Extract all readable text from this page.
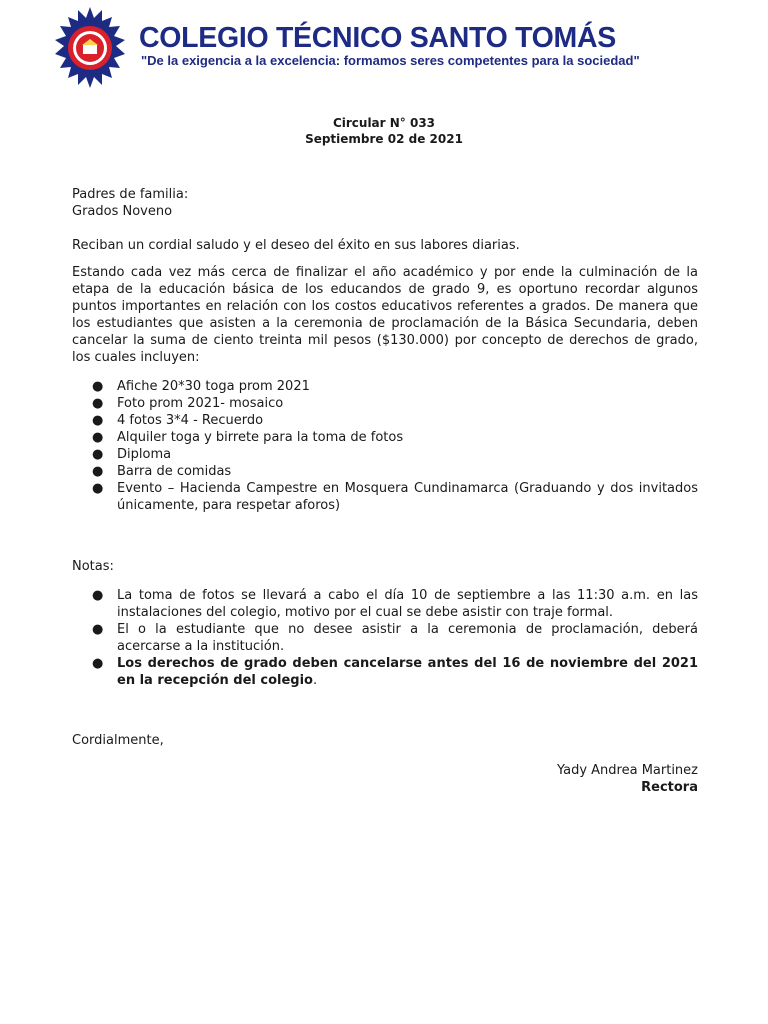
COLEGIO TÉCNICO SANTO TOMÁS
"De la exigencia a la excelencia: formamos seres competentes para la sociedad"
Circular N° 033
Septiembre 02 de 2021
Padres de familia:
Grados Noveno
Reciban un cordial saludo y el deseo del éxito en sus labores diarias.
Estando cada vez más cerca de finalizar el año académico y por ende la culminación de la etapa de la educación básica de los educandos de grado 9, es oportuno recordar algunos puntos importantes en relación con los costos educativos referentes a grados. De manera que los estudiantes que asisten a la ceremonia de proclamación de la Básica Secundaria, deben cancelar la suma de ciento treinta mil pesos ($130.000) por concepto de derechos de grado, los cuales incluyen:
● Afiche 20*30 toga prom 2021
● Foto prom 2021- mosaico
● 4 fotos 3*4 - Recuerdo
● Alquiler toga y birrete para la toma de fotos
● Diploma
● Barra de comidas
● Evento – Hacienda Campestre en Mosquera Cundinamarca (Graduando y dos invitados únicamente, para respetar aforos)
Notas:
● La toma de fotos se llevará a cabo el día 10 de septiembre a las 11:30 a.m. en las instalaciones del colegio, motivo por el cual se debe asistir con traje formal.
● El o la estudiante que no desee asistir a la ceremonia de proclamación, deberá acercarse a la institución.
● Los derechos de grado deben cancelarse antes del 16 de noviembre del 2021 en la recepción del colegio.
Cordialmente,
Yady Andrea Martinez
Rectora
